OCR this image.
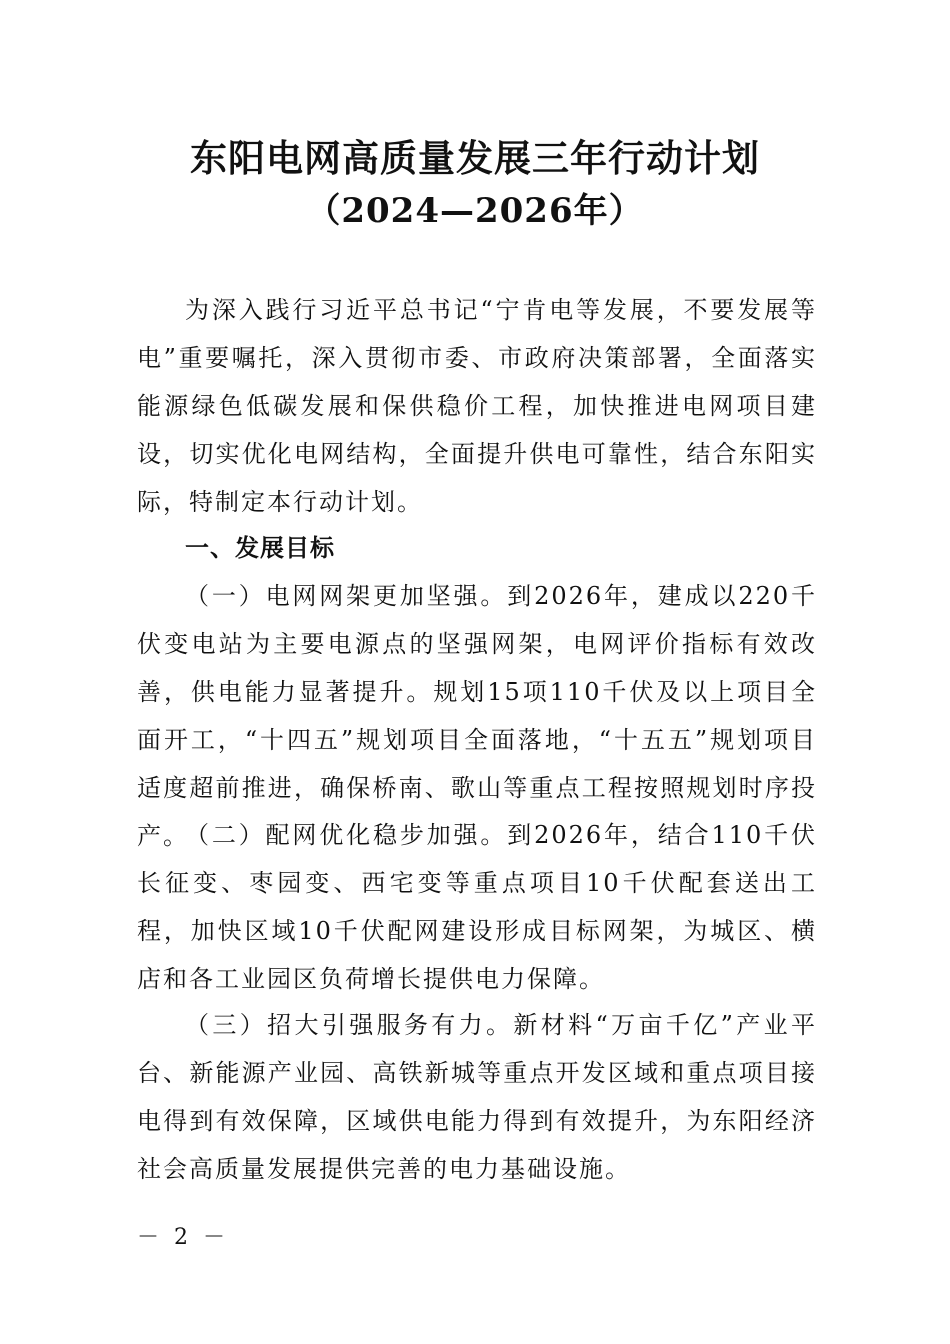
东阳电网高质量发展三年行动计划
（2024—2026年）
为深入践行习近平总书记“宁肯电等发展，不要发展等电”重要嘱托，深入贯彻市委、市政府决策部署，全面落实能源绿色低碳发展和保供稳价工程，加快推进电网项目建设，切实优化电网结构，全面提升供电可靠性，结合东阳实际，特制定本行动计划。
一、发展目标
（一）电网网架更加坚强。到2026年，建成以220千伏变电站为主要电源点的坚强网架，电网评价指标有效改善，供电能力显著提升。规划15项110千伏及以上项目全面开工，“十四五”规划项目全面落地，“十五五”规划项目适度超前推进，确保桥南、歌山等重点工程按照规划时序投产。
（二）配网优化稳步加强。到2026年，结合110千伏长征变、枣园变、西宅变等重点项目10千伏配套送出工程，加快区域10千伏配网建设形成目标网架，为城区、横店和各工业园区负荷增长提供电力保障。
（三）招大引强服务有力。新材料“万亩千亿”产业平台、新能源产业园、高铁新城等重点开发区域和重点项目接电得到有效保障，区域供电能力得到有效提升，为东阳经济社会高质量发展提供完善的电力基础设施。
－ 2 －
